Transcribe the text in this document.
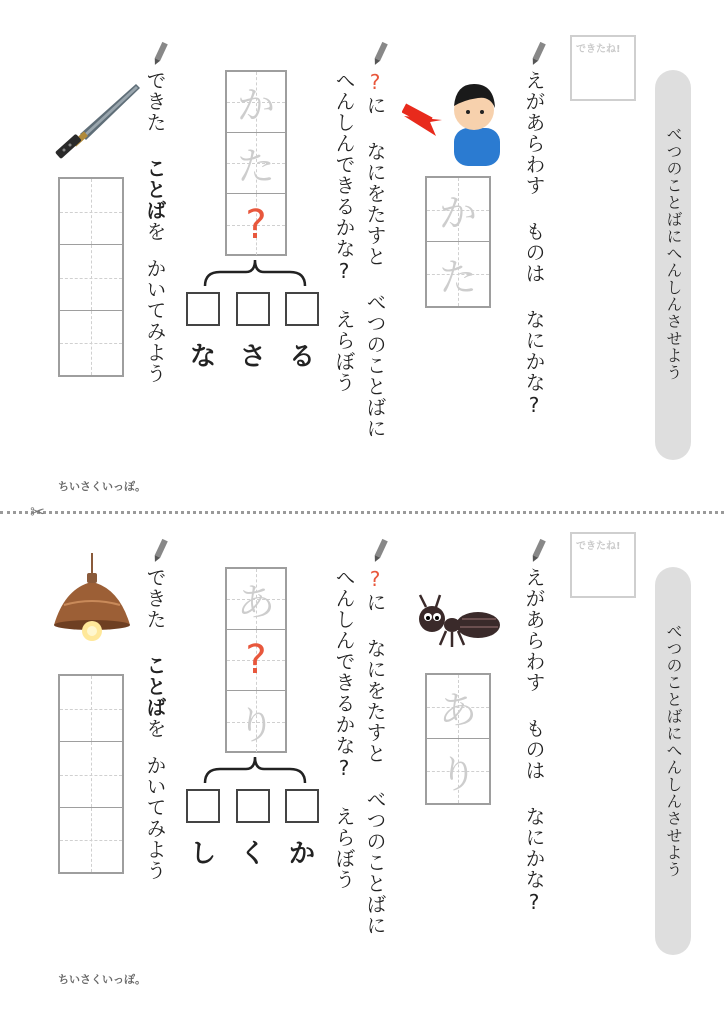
べつのことばにへんしんさせよう
できたね!
えがあらわす ものは なにかな?
か
た
?に なにをたすと べつのことばに
へんしんできるかな? えらぼう
か
た
?
な さ る
できた ことばを
かいてみよう
ちいさくいっぽ。
✂
べつのことばにへんしんさせよう
できたね!
えがあらわす ものは なにかな?
あ
り
?に なにをたすと べつのことばに
へんしんできるかな? えらぼう
あ
?
り
し く か
できた ことばを
かいてみよう
ちいさくいっぽ。
